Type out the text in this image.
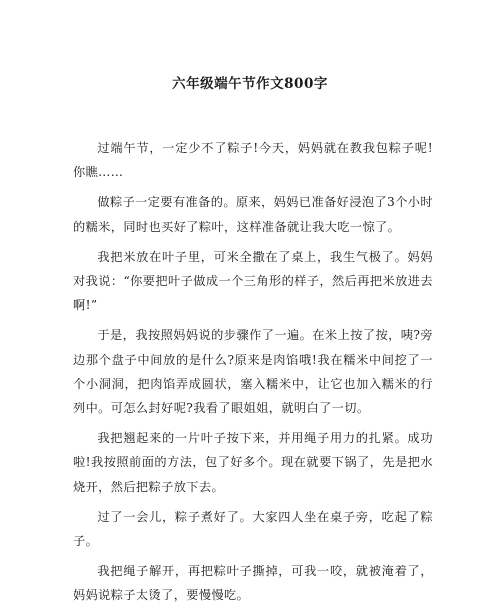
六年级端午节作文800字

过端午节，一定少不了粽子!今天，妈妈就在教我包粽子呢!你瞧……

做粽子一定要有准备的。原来，妈妈已准备好浸泡了3个小时的糯米，同时也买好了粽叶，这样准备就让我大吃一惊了。

我把米放在叶子里，可米全撒在了桌上，我生气极了。妈妈对我说：“你要把叶子做成一个三角形的样子，然后再把米放进去啊!”

于是，我按照妈妈说的步骤作了一遍。在米上按了按，咦?旁边那个盘子中间放的是什么?原来是肉馅哦!我在糯米中间挖了一个小洞洞，把肉馅弄成圆状，塞入糯米中，让它也加入糯米的行列中。可怎么封好呢?我看了眼姐姐，就明白了一切。

我把翘起来的一片叶子按下来，并用绳子用力的扎紧。成功啦!我按照前面的方法，包了好多个。现在就要下锅了，先是把水烧开，然后把粽子放下去。

过了一会儿，粽子煮好了。大家四人坐在桌子旁，吃起了粽子。

我把绳子解开，再把粽叶子撕掉，可我一咬，就被淹着了，妈妈说粽子太烫了，要慢慢吃。
